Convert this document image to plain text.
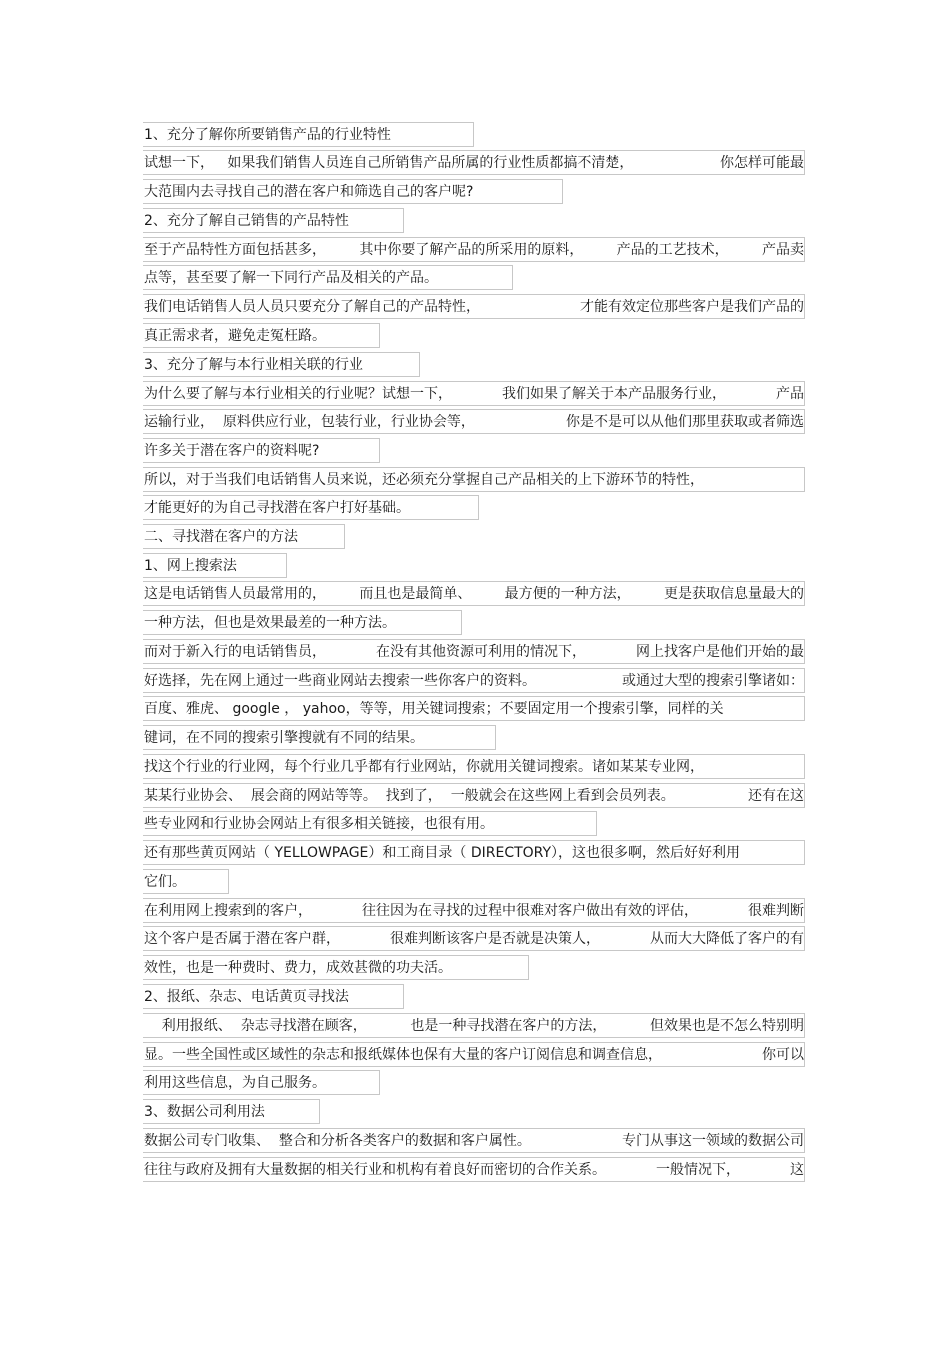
1、充分了解你所要销售产品的行业特性
试想一下，   如果我们销售人员连自己所销售产品所属的行业性质都搞不清楚，	你怎样可能最
大范围内去寻找自己的潜在客户和筛选自己的客户呢?
2、充分了解自己销售的产品特性
至于产品特性方面包括甚多， 其中你要了解产品的所采用的原料， 产品的工艺技术， 产品卖
点等，甚至要了解一下同行产品及相关的产品。
我们电话销售人员人员只要充分了解自己的产品特性，	才能有效定位那些客户是我们产品的
真正需求者，避免走冤枉路。
3、充分了解与本行业相关联的行业
为什么要了解与本行业相关的行业呢？试想一下，	我们如果了解关于本产品服务行业，	产品
运输行业，  原料供应行业，包装行业，行业协会等，	你是不是可以从他们那里获取或者筛选
许多关于潜在客户的资料呢?
所以，对于当我们电话销售人员来说，还必须充分掌握自己产品相关的上下游环节的特性，
才能更好的为自己寻找潜在客户打好基础。
二、寻找潜在客户的方法
1、网上搜索法
这是电话销售人员最常用的， 而且也是最简单、 最方便的一种方法， 更是获取信息量最大的
一种方法，但也是效果最差的一种方法。
而对于新入行的电话销售员，	在没有其他资源可利用的情况下，	网上找客户是他们开始的最
好选择，先在网上通过一些商业网站去搜索一些你客户的资料。	或通过大型的搜索引擎诸如：
百度、雅虎、 google ， yahoo，等等，用关键词搜索；不要固定用一个搜索引擎，同样的关
键词，在不同的搜索引擎搜就有不同的结果。
找这个行业的行业网，每个行业几乎都有行业网站，你就用关键词搜索。诸如某某专业网，
某某行业协会、  展会商的网站等等。  找到了，  一般就会在这些网上看到会员列表。	还有在这
些专业网和行业协会网站上有很多相关链接，也很有用。
还有那些黄页网站（ YELLOWPAGE）和工商目录（ DIRECTORY），这也很多啊，然后好好利用
它们。
在利用网上搜索到的客户，	往往因为在寻找的过程中很难对客户做出有效的评估，	很难判断
这个客户是否属于潜在客户群，	很难判断该客户是否就是决策人，	从而大大降低了客户的有
效性，也是一种费时、费力，成效甚微的功夫活。
2、报纸、杂志、电话黄页寻找法
利用报纸、  杂志寻找潜在顾客，	也是一种寻找潜在客户的方法，	但效果也是不怎么特别明
显。一些全国性或区域性的杂志和报纸媒体也保有大量的客户订阅信息和调查信息，	你可以
利用这些信息，为自己服务。
3、数据公司利用法
数据公司专门收集、  整合和分析各类客户的数据和客户属性。	专门从事这一领域的数据公司
往往与政府及拥有大量数据的相关行业和机构有着良好而密切的合作关系。	一般情况下，	这
